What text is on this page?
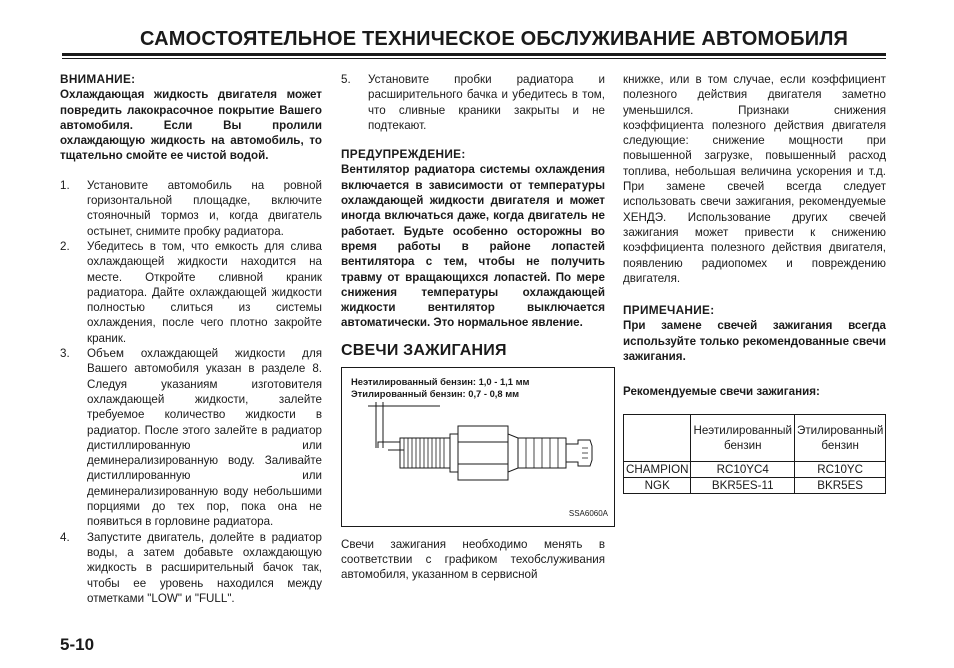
САМОСТОЯТЕЛЬНОЕ ТЕХНИЧЕСКОЕ ОБСЛУЖИВАНИЕ АВТОМОБИЛЯ
ВНИМАНИЕ:
Охлаждающая жидкость двигателя может повредить лакокрасочное покрытие Вашего автомобиля. Если Вы пролили охлаждающую жидкость на автомобиль, то тщательно смойте ее чистой водой.
1.	Установите автомобиль на ровной горизонтальной площадке, включите стояночный тормоз и, когда двигатель остынет, снимите пробку радиатора.
2.	Убедитесь в том, что емкость для слива охлаждающей жидкости находится на месте. Откройте сливной краник радиатора. Дайте охлаждающей жидкости полностью слиться из системы охлаждения, после чего плотно закройте краник.
3.	Объем охлаждающей жидкости для Вашего автомобиля указан в разделе 8. Следуя указаниям изготовителя охлаждающей жидкости, залейте требуемое количество жидкости в радиатор. После этого залейте в радиатор дистиллированную или деминерализированную воду. Заливайте дистиллированную или деминерализированную воду небольшими порциями до тех пор, пока она не появиться в горловине радиатора.
4.	Запустите двигатель, долейте в радиатор воды, а затем добавьте охлаждающую жидкость в расширительный бачок так, чтобы ее уровень находился между отметками "LOW" и "FULL".
5.	Установите пробки радиатора и расширительного бачка и убедитесь в том, что сливные краники закрыты и не подтекают.
ПРЕДУПРЕЖДЕНИЕ:
Вентилятор радиатора системы охлаждения включается в зависимости от температуры охлаждающей жидкости двигателя и может иногда включаться даже, когда двигатель не работает. Будьте особенно осторожны во время работы в районе лопастей вентилятора с тем, чтобы не получить травму от вращающихся лопастей. По мере снижения температуры охлаждающей жидкости вентилятор выключается автоматически. Это нормальное явление.
СВЕЧИ ЗАЖИГАНИЯ
Неэтилированный бензин: 1,0 - 1,1 мм
Этилированный бензин: 0,7 - 0,8 мм
SSA6060A
Свечи зажигания необходимо менять в соответствии с графиком техобслуживания автомобиля, указанном в сервисной
книжке, или в том случае, если коэффициент полезного действия двигателя заметно уменьшился. Признаки снижения коэффициента полезного действия двигателя следующие: снижение мощности при повышенной загрузке, повышенный расход топлива, небольшая величина ускорения и т.д. При замене свечей всегда следует использовать свечи зажигания, рекомендуемые ХЕНДЭ. Использование других свечей зажигания может привести к снижению коэффициента полезного действия двигателя, появлению радиопомех и повреждению двигателя.
ПРИМЕЧАНИЕ:
При замене свечей зажигания всегда используйте только рекомендованные свечи зажигания.
Рекомендуемые свечи зажигания:
	Неэтилированный бензин	Этилированный бензин
CHAMPION	RC10YC4	RC10YC
NGK	BKR5ES-11	BKR5ES
5-10
